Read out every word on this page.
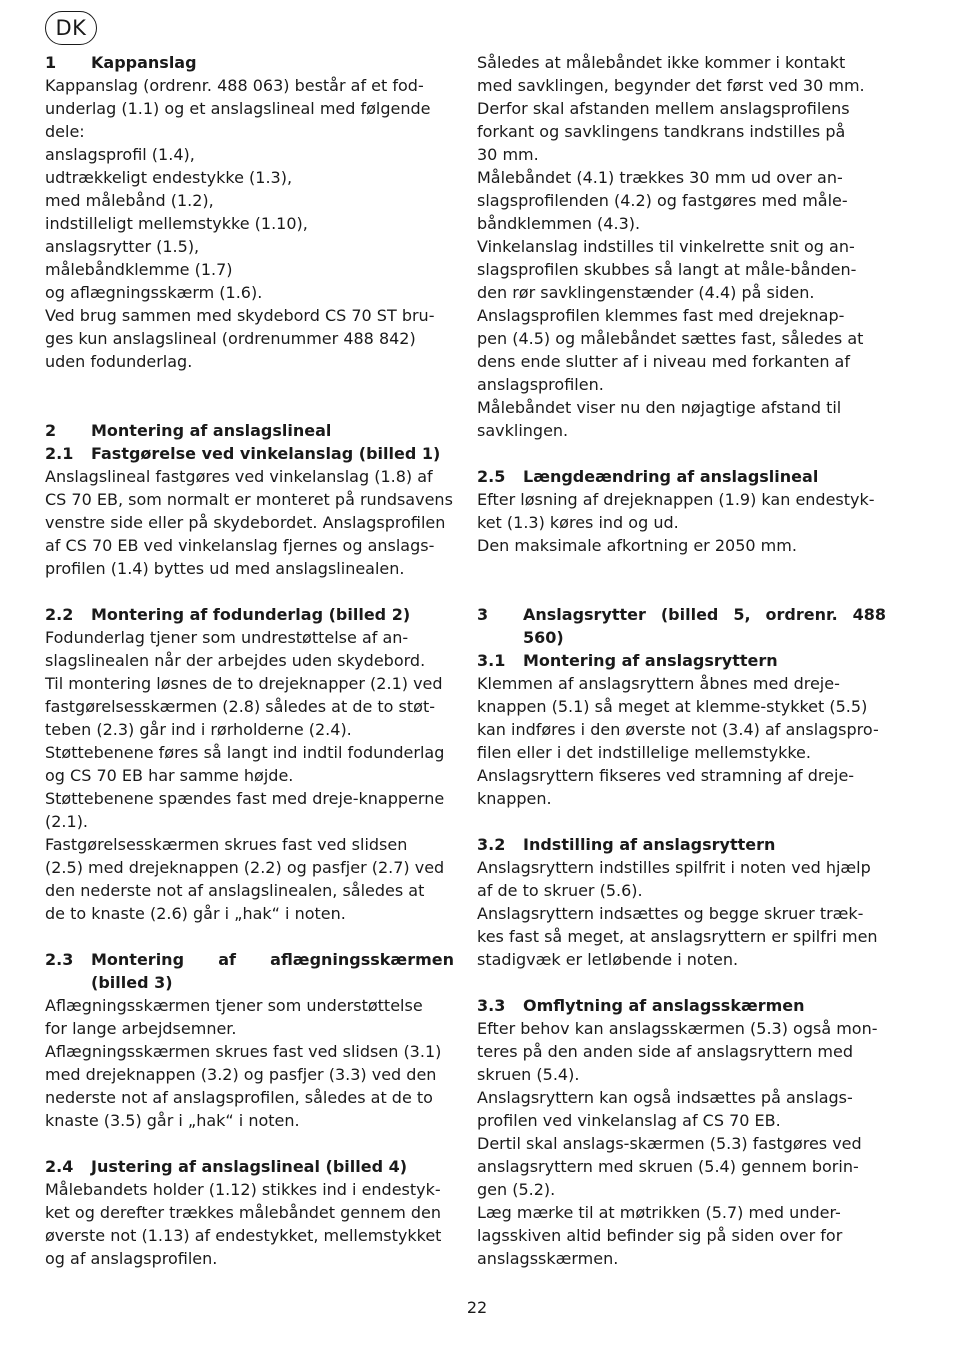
DK
1	Kappanslag

Kappanslag (ordrenr. 488 063) består af et fod-
underlag (1.1) og et anslagslineal med følgende
dele:
anslagsprofil (1.4),
udtrækkeligt endestykke (1.3),
med målebånd (1.2),
indstilleligt mellemstykke (1.10),
anslagsrytter (1.5),
målebåndklemme (1.7)
og aflægningsskærm (1.6).
Ved brug sammen med skydebord CS 70 ST bru-
ges kun anslagslineal (ordrenummer 488 842)
uden fodunderlag.

2	Montering af anslagslineal
2.1	Fastgørelse ved vinkelanslag (billed 1)

Anslagslineal fastgøres ved vinkelanslag (1.8) af
CS 70 EB, som normalt er monteret på rundsavens
venstre side eller på skydebordet. Anslagsprofilen
af CS 70 EB ved vinkelanslag fjernes og anslags-
profilen (1.4) byttes ud med anslagslinealen.

2.2	Montering af fodunderlag (billed 2)

Fodunderlag tjener som undrestøttelse af an-
slagslinealen når der arbejdes uden skydebord.
Til montering løsnes de to drejeknapper (2.1) ved
fastgørelsesskærmen (2.8) således at de to støt-
teben (2.3) går ind i rørholderne (2.4).
Støttebenene føres så langt ind indtil fodunderlag
og CS 70 EB har samme højde.
Støttebenene spændes fast med dreje-knapperne
(2.1).
Fastgørelsesskærmen skrues fast ved slidsen
(2.5) med drejeknappen (2.2) og pasfjer (2.7) ved
den nederste not af anslagslinealen, således at
de to knaste (2.6) går i „hak“ i noten.

2.3	Montering af aflægningsskærmen (billed 3)

Aflægningsskærmen tjener som understøttelse
for lange arbejdsemner.
Aflægningsskærmen skrues fast ved slidsen (3.1)
med drejeknappen (3.2) og pasfjer (3.3) ved den
nederste not af anslagsprofilen, således at de to
knaste (3.5) går i „hak“ i noten.

2.4	Justering af anslagslineal (billed 4)

Målebandets holder (1.12) stikkes ind i endestyk-
ket og derefter trækkes målebåndet gennem den
øverste not (1.13) af endestykket, mellemstykket
og af anslagsprofilen.

Således at målebåndet ikke kommer i kontakt
med savklingen, begynder det først ved 30 mm.
Derfor skal afstanden mellem anslagsprofilens
forkant og savklingens tandkrans indstilles på
30 mm.
Målebåndet (4.1) trækkes 30 mm ud over an-
slagsprofilenden (4.2) og fastgøres med måle-
båndklemmen (4.3).
Vinkelanslag indstilles til vinkelrette snit og an-
slagsprofilen skubbes så langt at måle-bånden-
den rør savklingenstænder (4.4) på siden.
Anslagsprofilen klemmes fast med drejeknap-
pen (4.5) og målebåndet sættes fast, således at
dens ende slutter af i niveau med forkanten af
anslagsprofilen.
Målebåndet viser nu den nøjagtige afstand til
savklingen.

2.5	Længdeændring af anslagslineal

Efter løsning af drejeknappen (1.9) kan endestyk-
ket (1.3) køres ind og ud.
Den maksimale afkortning er 2050 mm.

3	Anslagsrytter (billed 5, ordrenr. 488 560)
3.1	Montering af anslagsryttern

Klemmen af anslagsryttern åbnes med dreje-
knappen (5.1) så meget at klemme-stykket (5.5)
kan indføres i den øverste not (3.4) af anslagspro-
filen eller i det indstillelige mellemstykke.
Anslagsryttern fikseres ved stramning af dreje-
knappen.

3.2	Indstilling af anslagsryttern

Anslagsryttern indstilles spilfrit i noten ved hjælp
af de to skruer (5.6).
Anslagsryttern indsættes og begge skruer træk-
kes fast så meget, at anslagsryttern er spilfri men
stadigvæk er letløbende i noten.

3.3	Omflytning af anslagsskærmen

Efter behov kan anslagsskærmen (5.3) også mon-
teres på den anden side af anslagsryttern med
skruen (5.4).
Anslagsryttern kan også indsættes på anslags-
profilen ved vinkelanslag af CS 70 EB.
Dertil skal anslags-skærmen (5.3) fastgøres ved
anslagsryttern med skruen (5.4) gennem borin-
gen (5.2).
Læg mærke til at møtrikken (5.7) med under-
lagsskiven altid befinder sig på siden over for
anslagsskærmen.

22
